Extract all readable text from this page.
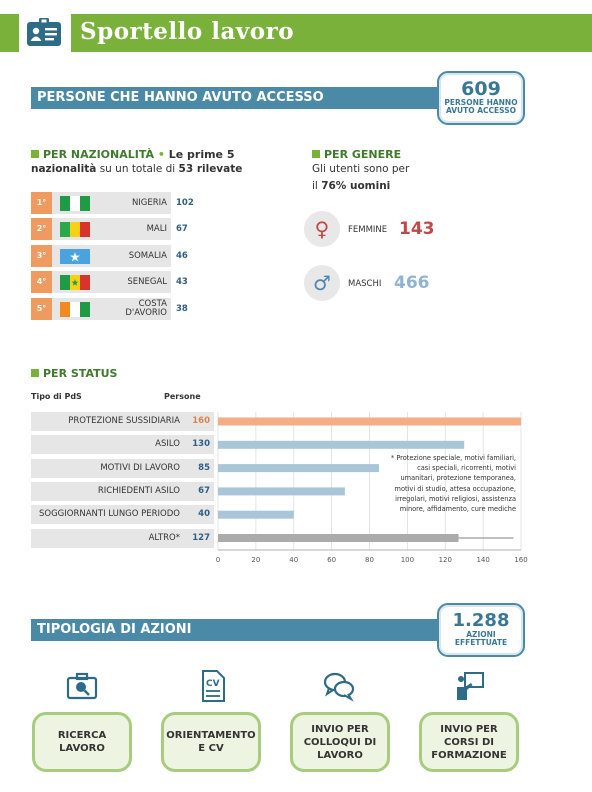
Sportello lavoro
PERSONE CHE HANNO AVUTO ACCESSO	609
PERSONE HANNO
AVUTO ACCESSO
PER NAZIONALITÀ • Le prime 5
nazionalità su un totale di 53 rilevate
1°	NIGERIA 102
2°	MALI 67
3°	SOMALIA 46
4°	SENEGAL 43
5°	COSTA
D'AVORIO 38
PER GENERE
Gli utenti sono per
il 76% uomini
♀	FEMMINE 143
♂	MASCHI 466
PER STATUS
Tipo di PdS	Persone
PROTEZIONE SUSSIDIARIA 160
ASILO 130
MOTIVI DI LAVORO 85
RICHIEDENTI ASILO 67
SOGGIORNANTI LUNGO PERIODO 40
ALTRO* 127
0	20	40	60	80	100	120	140	160
* Protezione speciale, motivi familiari, casi speciali, ricorrenti, motivi umanitari, protezione temporanea, motivi di studio, attesa occupazione, irregolari, motivi religiosi, assistenza minore, affidamento, cure mediche
TIPOLOGIA DI AZIONI	1.288
AZIONI
EFFETTUATE
CV
RICERCA
LAVORO
ORIENTAMENTO
E CV
INVIO PER
COLLOQUI DI
LAVORO
INVIO PER
CORSI DI
FORMAZIONE
